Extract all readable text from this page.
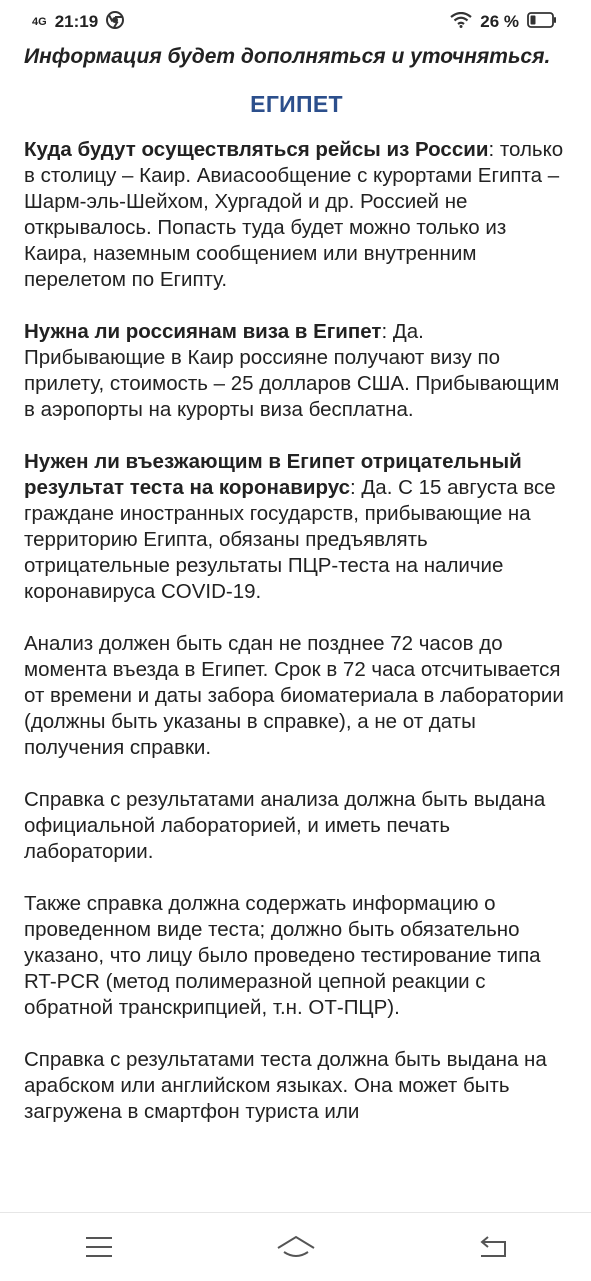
4G 21:19	26 %

Информация будет дополняться и уточняться.

ЕГИПЕТ

Куда будут осуществляться рейсы из России: только в столицу – Каир. Авиасообщение с курортами Египта – Шарм-эль-Шейхом, Хургадой и др. Россией не открывалось. Попасть туда будет можно только из Каира, наземным сообщением или внутренним перелетом по Египту.

Нужна ли россиянам виза в Египет: Да. Прибывающие в Каир россияне получают визу по прилету, стоимость – 25 долларов США. Прибывающим в аэропорты на курорты виза бесплатна.

Нужен ли въезжающим в Египет отрицательный результат теста на коронавирус: Да. С 15 августа все граждане иностранных государств, прибывающие на территорию Египта, обязаны предъявлять отрицательные результаты ПЦР-теста на наличие коронавируса COVID-19.

Анализ должен быть сдан не позднее 72 часов до момента въезда в Египет. Срок в 72 часа отсчитывается от времени и даты забора биоматериала в лаборатории (должны быть указаны в справке), а не от даты получения справки.

Справка с результатами анализа должна быть выдана официальной лабораторией, и иметь печать лаборатории.

Также справка должна содержать информацию о проведенном виде теста; должно быть обязательно указано, что лицу было проведено тестирование типа RT-PCR (метод полимеразной цепной реакции с обратной транскрипцией, т.н. ОТ-ПЦР).

Справка с результатами теста должна быть выдана на арабском или английском языках. Она может быть загружена в смартфон туриста или
